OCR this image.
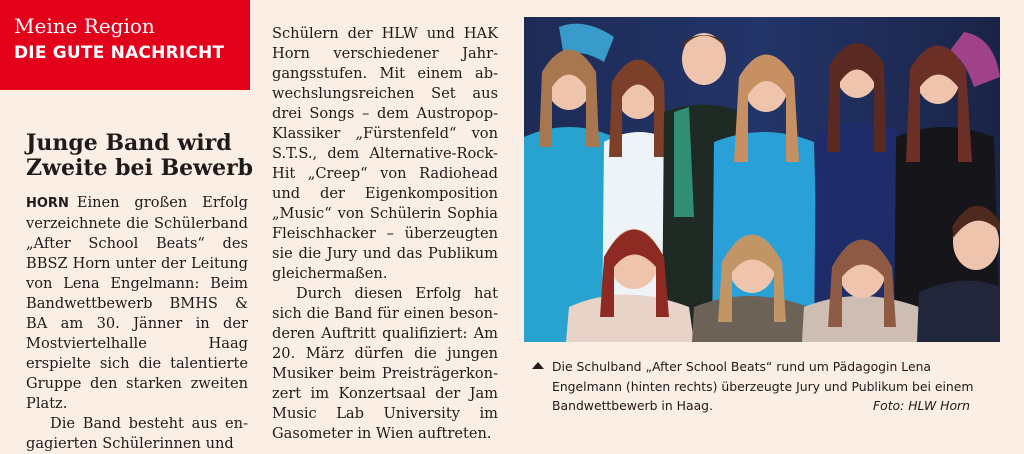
Meine Region
DIE GUTE NACHRICHT
Junge Band wird Zweite bei Bewerb

HORN Einen großen Erfolg verzeichnete die Schülerband „After School Beats“ des BBSZ Horn unter der Leitung von Lena Engelmann: Beim Bandwettbewerb BMHS & BA am 30. Jänner in der Mostviertelhalle Haag erspielte sich die talentierte Gruppe den starken zweiten Platz.

Die Band besteht aus engagierten Schülerinnen und

Schülern der HLW und HAK Horn verschiedener Jahrgangsstufen. Mit einem abwechslungsreichen Set aus drei Songs – dem Austropop-Klassiker „Fürstenfeld“ von S.T.S., dem Alternative-Rock-Hit „Creep“ von Radiohead und der Eigenkomposition „Music“ von Schülerin Sophia Fleischhacker – überzeugten sie die Jury und das Publikum gleichermaßen.

Durch diesen Erfolg hat sich die Band für einen besonderen Auftritt qualifiziert: Am 20. März dürfen die jungen Musiker beim Preisträgerkonzert im Konzertsaal der Jam Music Lab University im Gasometer in Wien auftreten.

Die Schulband „After School Beats“ rund um Pädagogin Lena Engelmann (hinten rechts) überzeugte Jury und Publikum bei einem Bandwettbewerb in Haag.	Foto: HLW Horn
